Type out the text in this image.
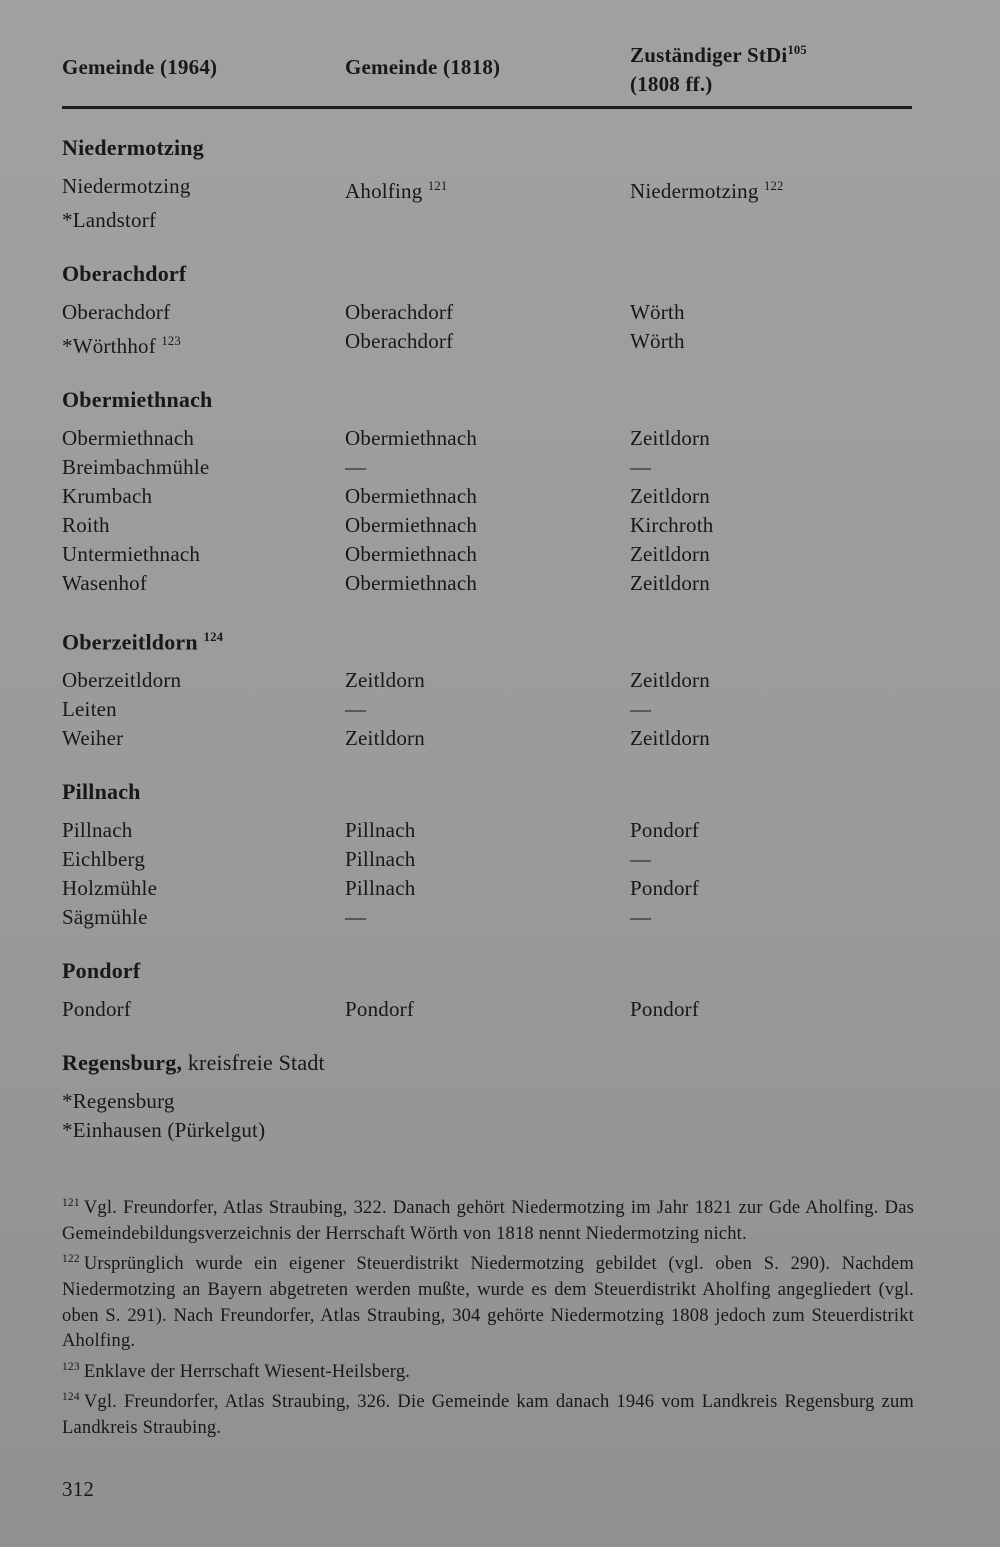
Gemeinde (1964)	Gemeinde (1818)	Zuständiger StDi$^{105}$
(1808 ff.)
Niedermotzing
Niedermotzing	Aholfing $^{121}$	Niedermotzing $^{122}$
*Landstorf
Oberachdorf
Oberachdorf	Oberachdorf	Wörth
*Wörthhof $^{123}$	Oberachdorf	Wörth
Obermiethnach
Obermiethnach	Obermiethnach	Zeitldorn
Breimbachmühle	—	—
Krumbach	Obermiethnach	Zeitldorn
Roith	Obermiethnach	Kirchroth
Untermiethnach	Obermiethnach	Zeitldorn
Wasenhof	Obermiethnach	Zeitldorn
Oberzeitldorn $^{124}$
Oberzeitldorn	Zeitldorn	Zeitldorn
Leiten	—	—
Weiher	Zeitldorn	Zeitldorn
Pillnach
Pillnach	Pillnach	Pondorf
Eichlberg	Pillnach	—
Holzmühle	Pillnach	Pondorf
Sägmühle	—	—
Pondorf
Pondorf	Pondorf	Pondorf
Regensburg, kreisfreie Stadt
*Regensburg
*Einhausen (Pürkelgut)

$^{121}$ Vgl. Freundorfer, Atlas Straubing, 322. Danach gehört Niedermotzing im Jahr 1821 zur Gde Aholfing. Das Gemeindebildungsverzeichnis der Herrschaft Wörth von 1818 nennt Niedermotzing nicht.

$^{122}$ Ursprünglich wurde ein eigener Steuerdistrikt Niedermotzing gebildet (vgl. oben S. 290). Nachdem Niedermotzing an Bayern abgetreten werden mußte, wurde es dem Steuerdistrikt Aholfing angegliedert (vgl. oben S. 291). Nach Freundorfer, Atlas Straubing, 304 gehörte Niedermotzing 1808 jedoch zum Steuerdistrikt Aholfing.

$^{123}$ Enklave der Herrschaft Wiesent-Heilsberg.

$^{124}$ Vgl. Freundorfer, Atlas Straubing, 326. Die Gemeinde kam danach 1946 vom Landkreis Regensburg zum Landkreis Straubing.

312
